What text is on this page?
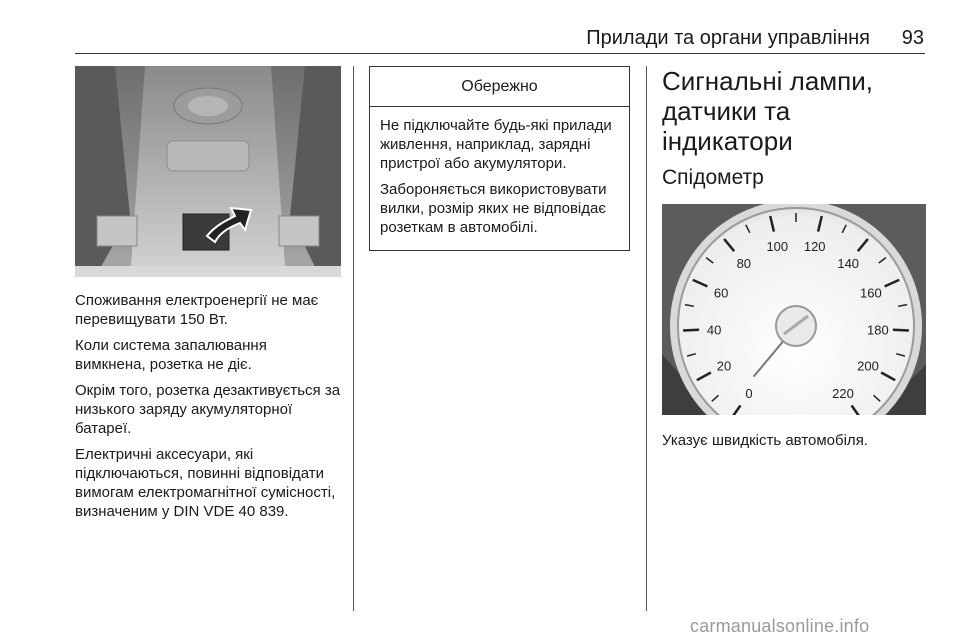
Прилади та органи управління	93

Споживання електроенергії не має перевищувати 150 Вт.

Коли система запалювання вимкнена, розетка не діє.

Окрім того, розетка дезактивується за низького заряду акумуляторної батареї.

Електричні аксесуари, які підключаються, повинні відповідати вимогам електромагнітної сумісності, визначеним у DIN VDE 40 839.

Обережно

Не підключайте будь-які прилади живлення, наприклад, зарядні пристрої або акумулятори.

Забороняється використовувати вилки, розмір яких не відповідає розеткам в автомобілі.

Сигнальні лампи, датчики та індикатори
Спідометр
0
20
40
60
80
100 120
140
160
180
200
220
Указує швидкість автомобіля.
carmanualsonline.info
